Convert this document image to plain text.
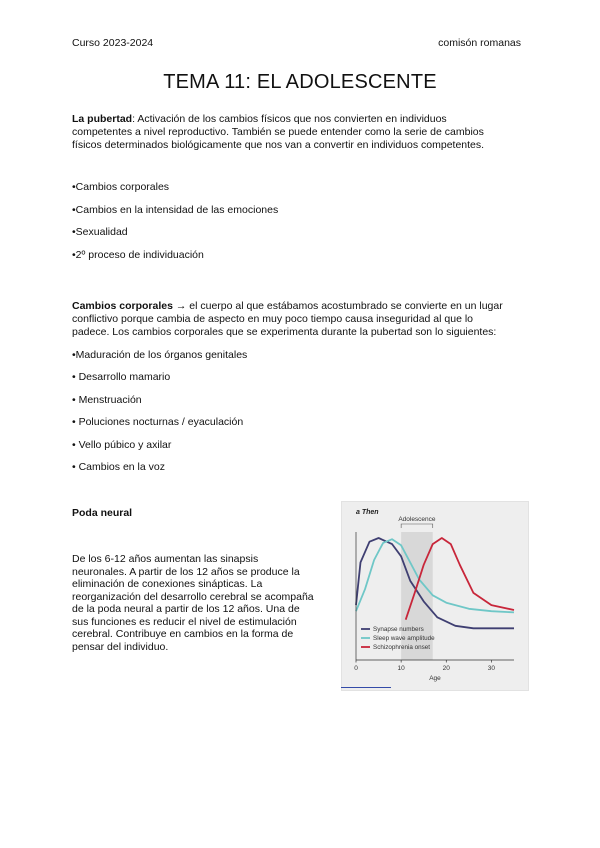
Curso 2023-2024	comisón romanas
TEMA 11: EL ADOLESCENTE
La pubertad: Activación de los cambios físicos que nos convierten en individuos
competentes a nivel reproductivo. También se puede entender como la serie de cambios
físicos determinados biológicamente que nos van a convertir en individuos competentes.
•Cambios corporales
•Cambios en la intensidad de las emociones
•Sexualidad
•2º proceso de individuación
Cambios corporales → el cuerpo al que estábamos acostumbrado se convierte en un lugar
conflictivo porque cambia de aspecto en muy poco tiempo causa inseguridad al que lo
padece. Los cambios corporales que se experimenta durante la pubertad son lo siguientes:
•Maduración de los órganos genitales
• Desarrollo mamario
• Menstruación
• Poluciones nocturnas / eyaculación
• Vello púbico y axilar
• Cambios en la voz
Poda neural
De los 6-12 años aumentan las sinapsis
neuronales. A partir de los 12 años se produce la
eliminación de conexiones sinápticas. La
reorganización del desarrollo cerebral se acompaña
de la poda neural a partir de los 12 años. Una de
sus funciones es reducir el nivel de estimulación
cerebral. Contribuye en cambios en la forma de
pensar del individuo.
a Then
Adolescence
0	10	20	30
Age
Synapse numbers
Sleep wave amplitude
Schizophrenia onset
